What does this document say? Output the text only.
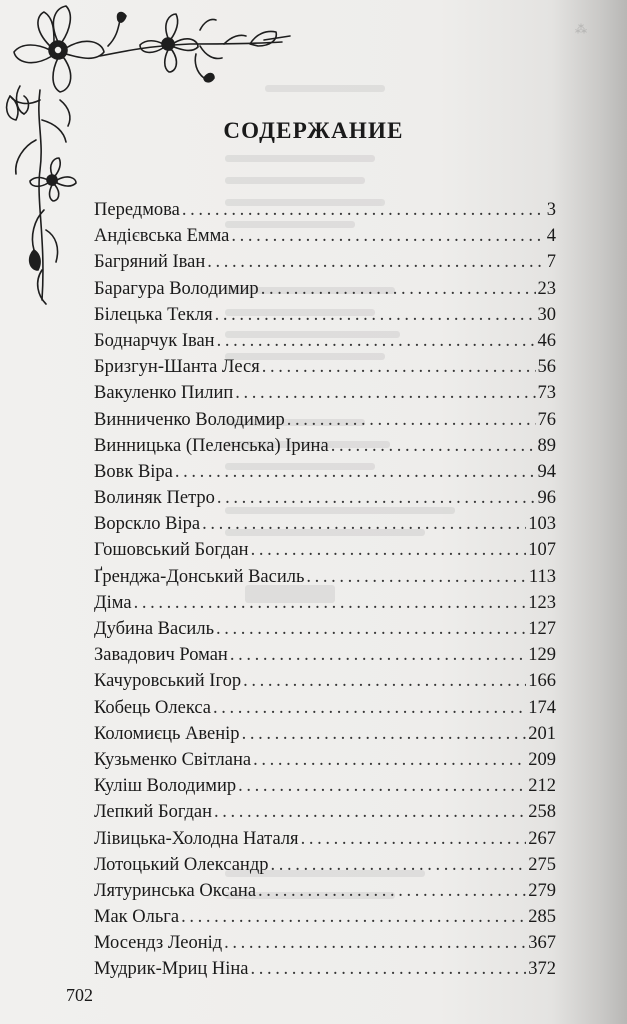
⁂
СОДЕРЖАНИЕ
Передмова . . .	3
Андієвська Емма . . .	4
Багряний Іван . . .	7
Барагура Володимир . . .	23
Білецька Текля . . .	30
Боднарчук Іван . . .	46
Бризгун-Шанта Леся . . .	56
Вакуленко Пилип . . .	73
Винниченко Володимир . . .	76
Винницька (Пеленська) Ірина . . .	89
Вовк Віра . . .	94
Волиняк Петро . . .	96
Ворскло Віра . . .	103
Гошовський Богдан . . .	107
Ґренджа-Донський Василь . . .	113
Діма . . .	123
Дубина Василь . . .	127
Завадович Роман . . .	129
Качуровський Ігор . . .	166
Кобець Олекса . . .	174
Коломиєць Авенір . . .	201
Кузьменко Світлана . . .	209
Куліш Володимир . . .	212
Лепкий Богдан . . .	258
Лівицька-Холодна Наталя . . .	267
Лотоцький Олександр . . .	275
Лятуринська Оксана . . .	279
Мак Ольга . . .	285
Мосендз Леонід . . .	367
Мудрик-Мриц Ніна . . .	372
702
